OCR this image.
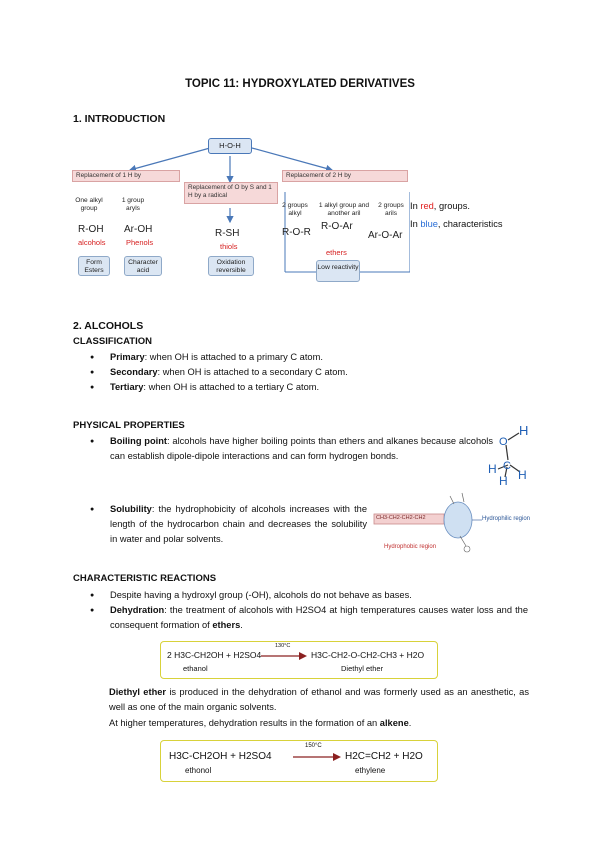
TOPIC 11: HYDROXYLATED DERIVATIVES
1. INTRODUCTION
H-O-H
Replacement of 1 H by
One alkyl group
1 group aryls
R-OH Ar-OH
alcohols	Phenols
Form Esters
Character acid
Replacement of O by S and 1 H by a radical
R-SH
thiols
Oxidation reversible
Replacement of 2 H by
2 groups alkyl
1 alkyl group and another aril
2 groups arils
R-O-R
R-O-Ar
Ar-O-Ar
ethers
Low reactivity
In red, groups.
In blue, characteristics
2. ALCOHOLS
CLASSIFICATION
● Primary: when OH is attached to a primary C atom.
● Secondary: when OH is attached to a secondary C atom.
● Tertiary: when OH is attached to a tertiary C atom.
PHYSICAL PROPERTIES
● Boiling point: alcohols have higher boiling points than ethers and alkanes because alcohols can establish dipole-dipole interactions and can form hydrogen bonds.
O
H
C
H H
H
● Solubility: the hydrophobicity of alcohols increases with the length of the hydrocarbon chain and decreases the solubility in water and polar solvents.
CH3-CH2-CH2-CH2	Hydrophilic region
Hydrophobic region
CHARACTERISTIC REACTIONS
● Despite having a hydroxyl group (-OH), alcohols do not behave as bases.
● Dehydration: the treatment of alcohols with H2SO4 at high temperatures causes water loss and the consequent formation of ethers.
2 H3C-CH2OH + H2SO4
130°C
H3C-CH2-O-CH2-CH3 + H2O
ethanol	Diethyl ether
Diethyl ether is produced in the dehydration of ethanol and was formerly used as an anesthetic, as well as one of the main organic solvents.
At higher temperatures, dehydration results in the formation of an alkene.
H3C-CH2OH + H2SO4
150°C
H2C=CH2 + H2O
ethonol	ethylene
